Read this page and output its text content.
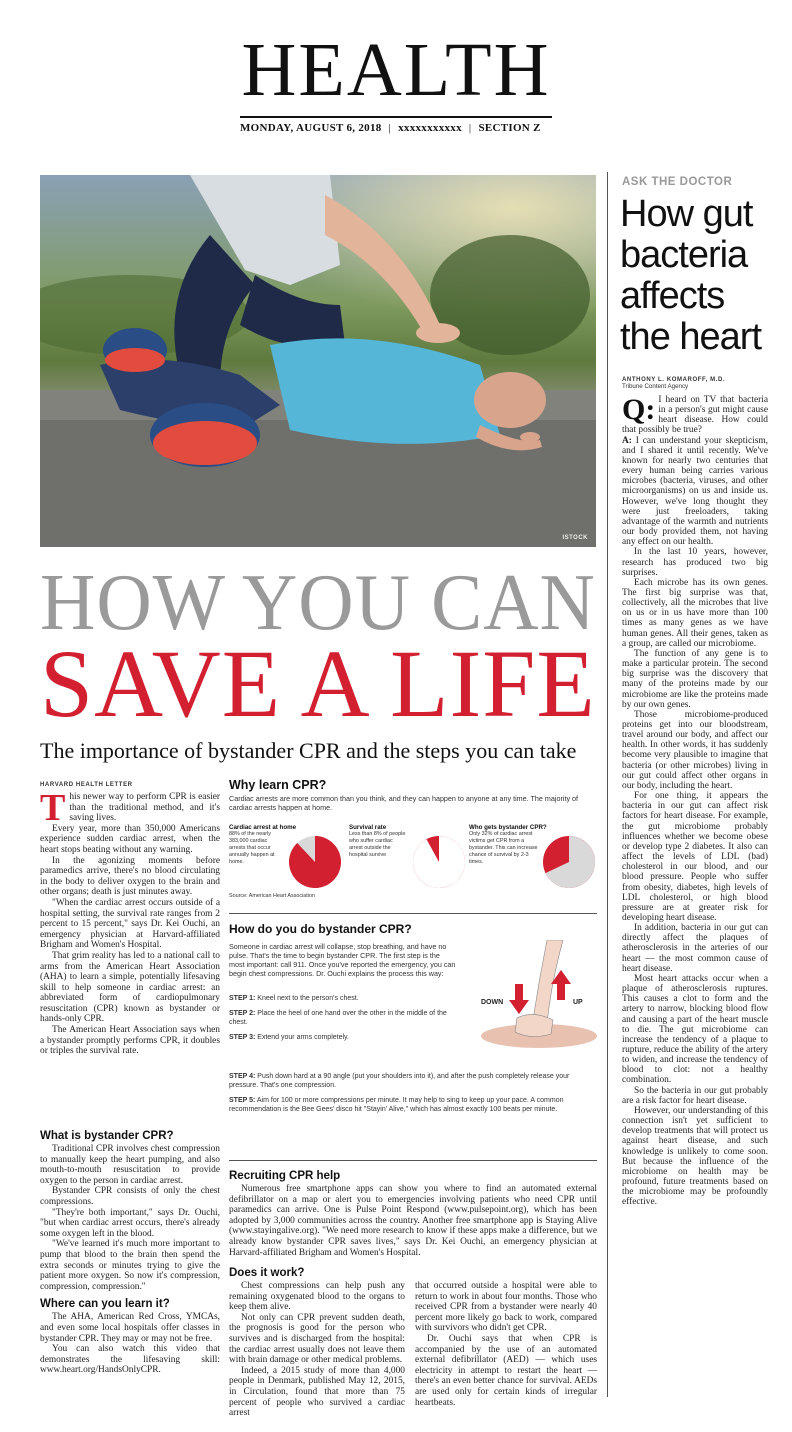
HEALTH
MONDAY, AUGUST 6, 2018 | xxxxxxxxxxx | SECTION Z
ISTOCK
HOW YOU CAN
SAVE A LIFE
The importance of bystander CPR and the steps you can take
HARVARD HEALTH LETTER

This newer way to perform CPR is easier than the traditional method, and it's saving lives.

Every year, more than 350,000 Americans experience sudden cardiac arrest, when the heart stops beating without any warning.

In the agonizing moments before paramedics arrive, there's no blood circulating in the body to deliver oxygen to the brain and other organs; death is just minutes away.

"When the cardiac arrest occurs outside of a hospital setting, the survival rate ranges from 2 percent to 15 percent," says Dr. Kei Ouchi, an emergency physician at Harvard-affiliated Brigham and Women's Hospital.

That grim reality has led to a national call to arms from the American Heart Association (AHA) to learn a simple, potentially lifesaving skill to help someone in cardiac arrest: an abbreviated form of cardiopulmonary resuscitation (CPR) known as bystander or hands-only CPR.

The American Heart Association says when a bystander promptly performs CPR, it doubles or triples the survival rate.

What is bystander CPR?

Traditional CPR involves chest compression to manually keep the heart pumping, and also mouth-to-mouth resuscitation to provide oxygen to the person in cardiac arrest.

Bystander CPR consists of only the chest compressions.

"They're both important," says Dr. Ouchi, "but when cardiac arrest occurs, there's already some oxygen left in the blood.

"We've learned it's much more important to pump that blood to the brain then spend the extra seconds or minutes trying to give the patient more oxygen. So now it's compression, compression, compression."

Where can you learn it?

The AHA, American Red Cross, YMCAs, and even some local hospitals offer classes in bystander CPR. They may or may not be free.

You can also watch this video that demonstrates the lifesaving skill: www.heart.org/HandsOnlyCPR.

Why learn CPR?
Cardiac arrests are more common than you think, and they can happen to anyone at any time. The majority of cardiac arrests happen at home.
Cardiac arrest at home
88% of the nearly 383,000 cardiac arrests that occur annually happen at home.
Survival rate
Less than 8% of people who suffer cardiac arrest outside the hospital survive
Who gets bystander CPR?
Only 32% of cardiac arrest victims get CPR from a bystander. This can increase chance of survival by 2-3 times.
Source: American Heart Association
How do you do bystander CPR?
Someone in cardiac arrest will collapse, stop breathing, and have no pulse. That's the time to begin bystander CPR. The first step is the most important: call 911. Once you've reported the emergency, you can begin chest compressions. Dr. Ouchi explains the process this way:
DOWN	UP

STEP 1: Kneel next to the person's chest.

STEP 2: Place the heel of one hand over the other in the middle of the chest.

STEP 3: Extend your arms completely.

STEP 4: Push down hard at a 90 angle (put your shoulders into it), and after the push completely release your pressure. That's one compression.

STEP 5: Aim for 100 or more compressions per minute. It may help to sing to keep up your pace. A common recommendation is the Bee Gees' disco hit "Stayin' Alive," which has almost exactly 100 beats per minute.

Recruiting CPR help

Numerous free smartphone apps can show you where to find an automated external defibrillator on a map or alert you to emergencies involving patients who need CPR until paramedics can arrive. One is Pulse Point Respond (www.pulsepoint.org), which has been adopted by 3,000 communities across the country. Another free smartphone app is Staying Alive (www.stayingalive.org). "We need more research to know if these apps make a difference, but we already know bystander CPR saves lives," says Dr. Kei Ouchi, an emergency physician at Harvard-affiliated Brigham and Women's Hospital.

Does it work?

Chest compressions can help push any remaining oxygenated blood to the organs to keep them alive.

Not only can CPR prevent sudden death, the prognosis is good for the person who survives and is discharged from the hospital: the cardiac arrest usually does not leave them with brain damage or other medical problems.

Indeed, a 2015 study of more than 4,000 people in Denmark, published May 12, 2015, in Circulation, found that more than 75 percent of people who survived a cardiac arrest

that occurred outside a hospital were able to return to work in about four months. Those who received CPR from a bystander were nearly 40 percent more likely go back to work, compared with survivors who didn't get CPR.

Dr. Ouchi says that when CPR is accompanied by the use of an automated external defibrillator (AED) — which uses electricity in attempt to restart the heart — there's an even better chance for survival. AEDs are used only for certain kinds of irregular heartbeats.

ASK THE DOCTOR
How gut bacteria affects the heart
ANTHONY L. KOMAROFF, M.D.
Tribune Content Agency

Q: I heard on TV that bacteria in a person's gut might cause heart disease. How could that possibly be true?

A: I can understand your skepticism, and I shared it until recently. We've known for nearly two centuries that every human being carries various microbes (bacteria, viruses, and other microorganisms) on us and inside us. However, we've long thought they were just freeloaders, taking advantage of the warmth and nutrients our body provided them, not having any effect on our health.

In the last 10 years, however, research has produced two big surprises.

Each microbe has its own genes. The first big surprise was that, collectively, all the microbes that live on us or in us have more than 100 times as many genes as we have human genes. All their genes, taken as a group, are called our microbiome.

The function of any gene is to make a particular protein. The second big surprise was the discovery that many of the proteins made by our microbiome are like the proteins made by our own genes.

Those microbiome-produced proteins get into our bloodstream, travel around our body, and affect our health. In other words, it has suddenly become very plausible to imagine that bacteria (or other microbes) living in our gut could affect other organs in our body, including the heart.

For one thing, it appears the bacteria in our gut can affect risk factors for heart disease. For example, the gut microbiome probably influences whether we become obese or develop type 2 diabetes. It also can affect the levels of LDL (bad) cholesterol in our blood, and our blood pressure. People who suffer from obesity, diabetes, high levels of LDL cholesterol, or high blood pressure are at greater risk for developing heart disease.

In addition, bacteria in our gut can directly affect the plaques of atherosclerosis in the arteries of our heart — the most common cause of heart disease.

Most heart attacks occur when a plaque of atherosclerosis ruptures. This causes a clot to form and the artery to narrow, blocking blood flow and causing a part of the heart muscle to die. The gut microbiome can increase the tendency of a plaque to rupture, reduce the ability of the artery to widen, and increase the tendency of blood to clot: not a healthy combination.

So the bacteria in our gut probably are a risk factor for heart disease.

However, our understanding of this connection isn't yet sufficient to develop treatments that will protect us against heart disease, and such knowledge is unlikely to come soon. But because the influence of the microbiome on health may be profound, future treatments based on the microbiome may be profoundly effective.
